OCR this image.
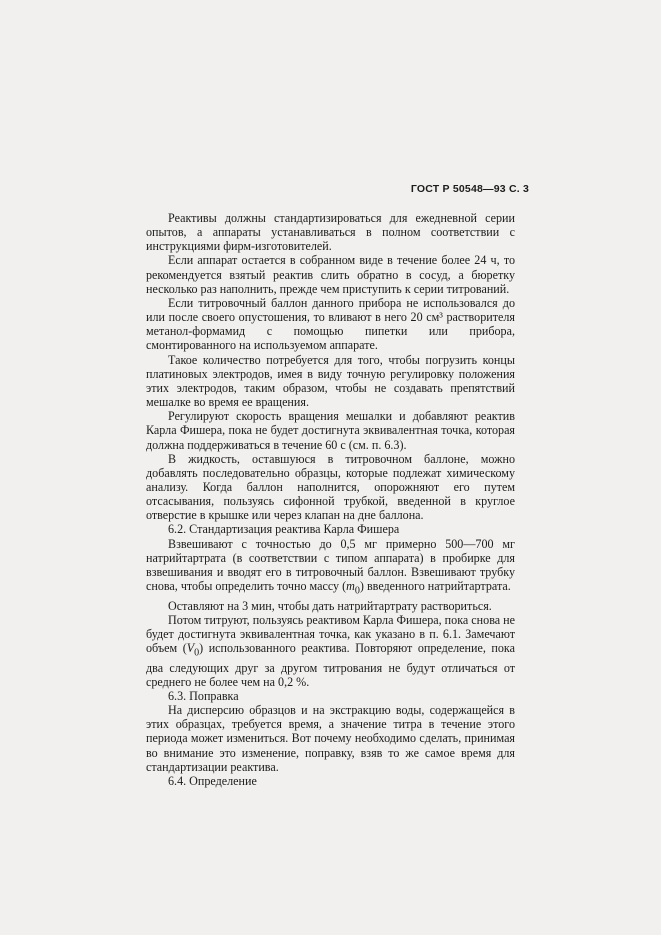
ГОСТ Р 50548—93 С. 3

Реактивы должны стандартизироваться для ежедневной серии опытов, а аппараты устанавливаться в полном соответствии с инструкциями фирм-изготовителей.

Если аппарат остается в собранном виде в течение более 24 ч, то рекомендуется взятый реактив слить обратно в сосуд, а бюретку несколько раз наполнить, прежде чем приступить к серии титрований.

Если титровочный баллон данного прибора не использовался до или после своего опустошения, то вливают в него 20 см³ растворителя метанол-формамид с помощью пипетки или прибора, смонтированного на используемом аппарате.

Такое количество потребуется для того, чтобы погрузить концы платиновых электродов, имея в виду точную регулировку положения этих электродов, таким образом, чтобы не создавать препятствий мешалке во время ее вращения.

Регулируют скорость вращения мешалки и добавляют реактив Карла Фишера, пока не будет достигнута эквивалентная точка, которая должна поддерживаться в течение 60 с (см. п. 6.3).

В жидкость, оставшуюся в титровочном баллоне, можно добавлять последовательно образцы, которые подлежат химическому анализу. Когда баллон наполнится, опорожняют его путем отсасывания, пользуясь сифонной трубкой, введенной в круглое отверстие в крышке или через клапан на дне баллона.

6.2. Стандартизация реактива Карла Фишера

Взвешивают с точностью до 0,5 мг примерно 500—700 мг натрийтартрата (в соответствии с типом аппарата) в пробирке для взвешивания и вводят его в титровочный баллон. Взвешивают трубку снова, чтобы определить точно массу $(m_0)$ введенного натрийтартрата.

Оставляют на 3 мин, чтобы дать натрийтартрату раствориться.

Потом титруют, пользуясь реактивом Карла Фишера, пока снова не будет достигнута эквивалентная точка, как указано в п. 6.1. Замечают объем $(V_0)$ использованного реактива. Повторяют определение, пока два следующих друг за другом титрования не будут отличаться от среднего не более чем на 0,2 %.

6.3. Поправка

На дисперсию образцов и на экстракцию воды, содержащейся в этих образцах, требуется время, а значение титра в течение этого периода может измениться. Вот почему необходимо сделать, принимая во внимание это изменение, поправку, взяв то же самое время для стандартизации реактива.

6.4. Определение
